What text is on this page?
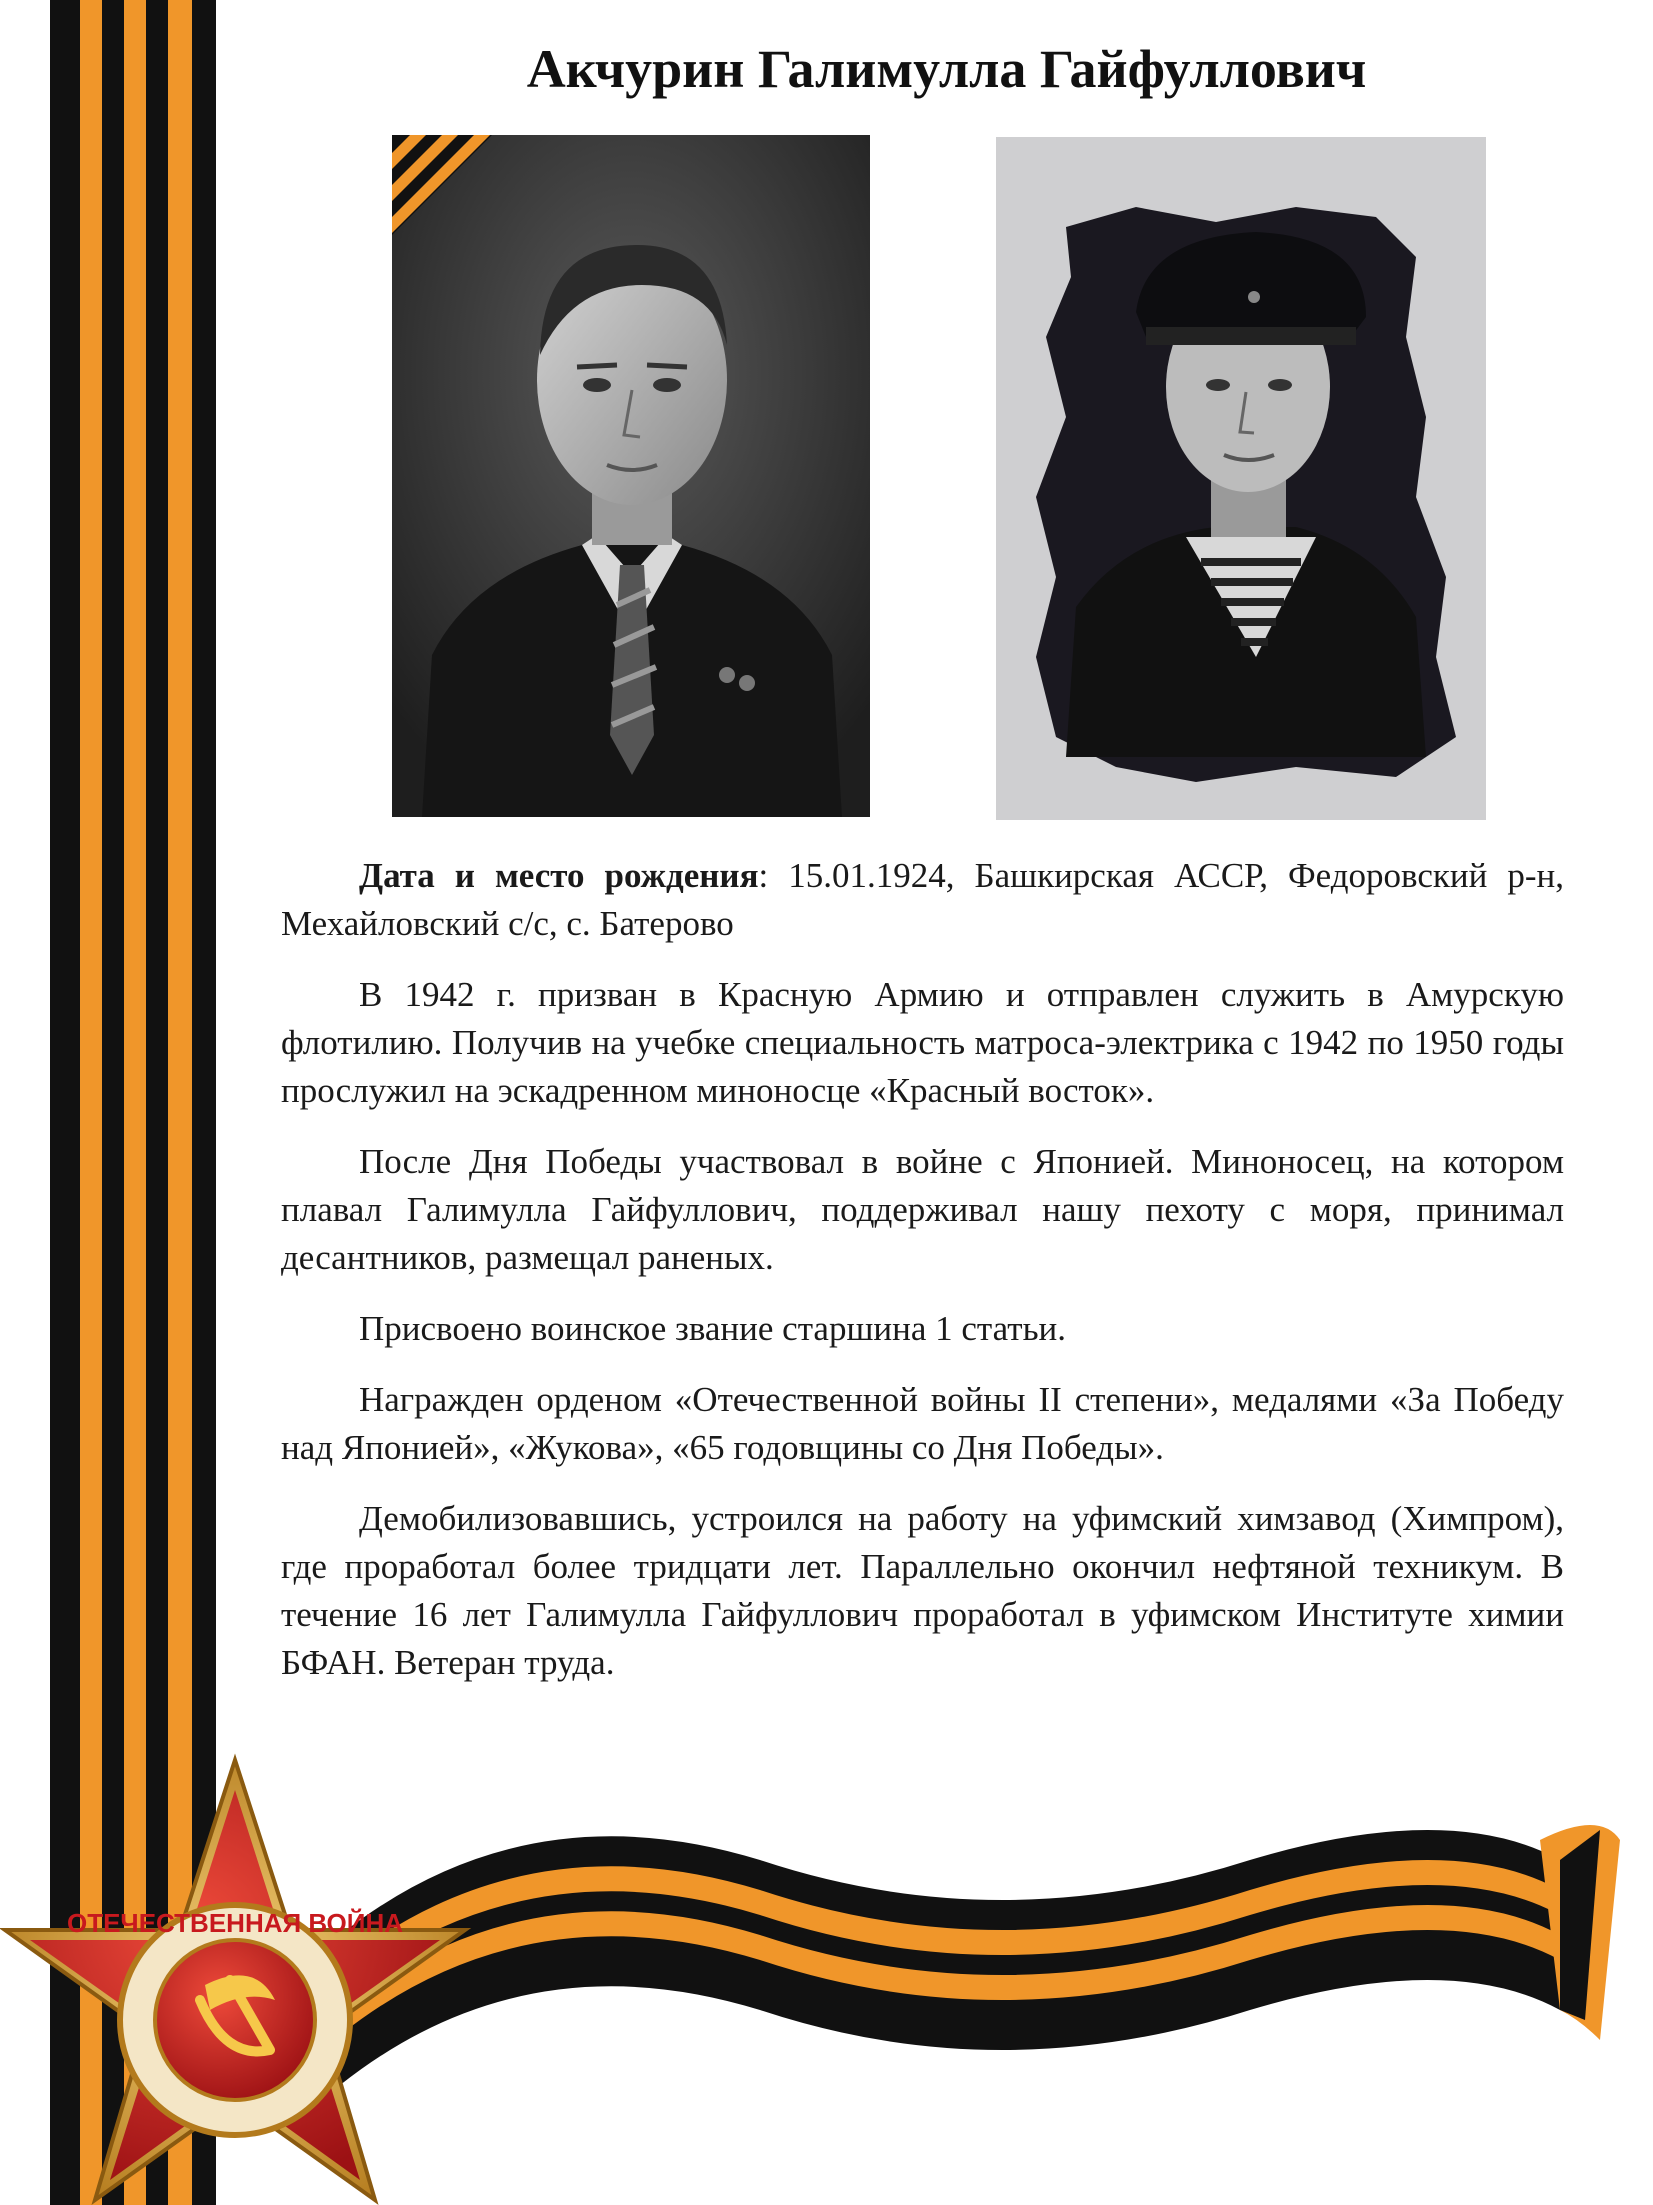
Акчурин Галимулла Гайфуллович

Дата и место рождения: 15.01.1924, Башкирская АССР, Федоровский р-н, Мехайловский с/с, с. Батерово

В 1942 г. призван в Красную Армию и отправлен служить в Амурскую флотилию. Получив на учебке специальность матроса-электрика с 1942 по 1950 годы прослужил на эскадренном миноносце «Красный восток».

После Дня Победы участвовал в войне с Японией. Миноносец, на котором плавал Галимулла Гайфуллович, поддерживал нашу пехоту с моря, принимал десантников, размещал раненых.

Присвоено воинское звание старшина 1 статьи.

Награжден орденом «Отечественной войны II степени», медалями «За Победу над Японией», «Жукова», «65 годовщины со Дня Победы».

Демобилизовавшись, устроился на работу на уфимский химзавод (Химпром), где проработал более тридцати лет. Параллельно окончил нефтяной техникум. В течение 16 лет Галимулла Гайфуллович проработал в уфимском Институте химии БФАН. Ветеран труда.

ОТЕЧЕСТВЕННАЯ ВОЙНА
